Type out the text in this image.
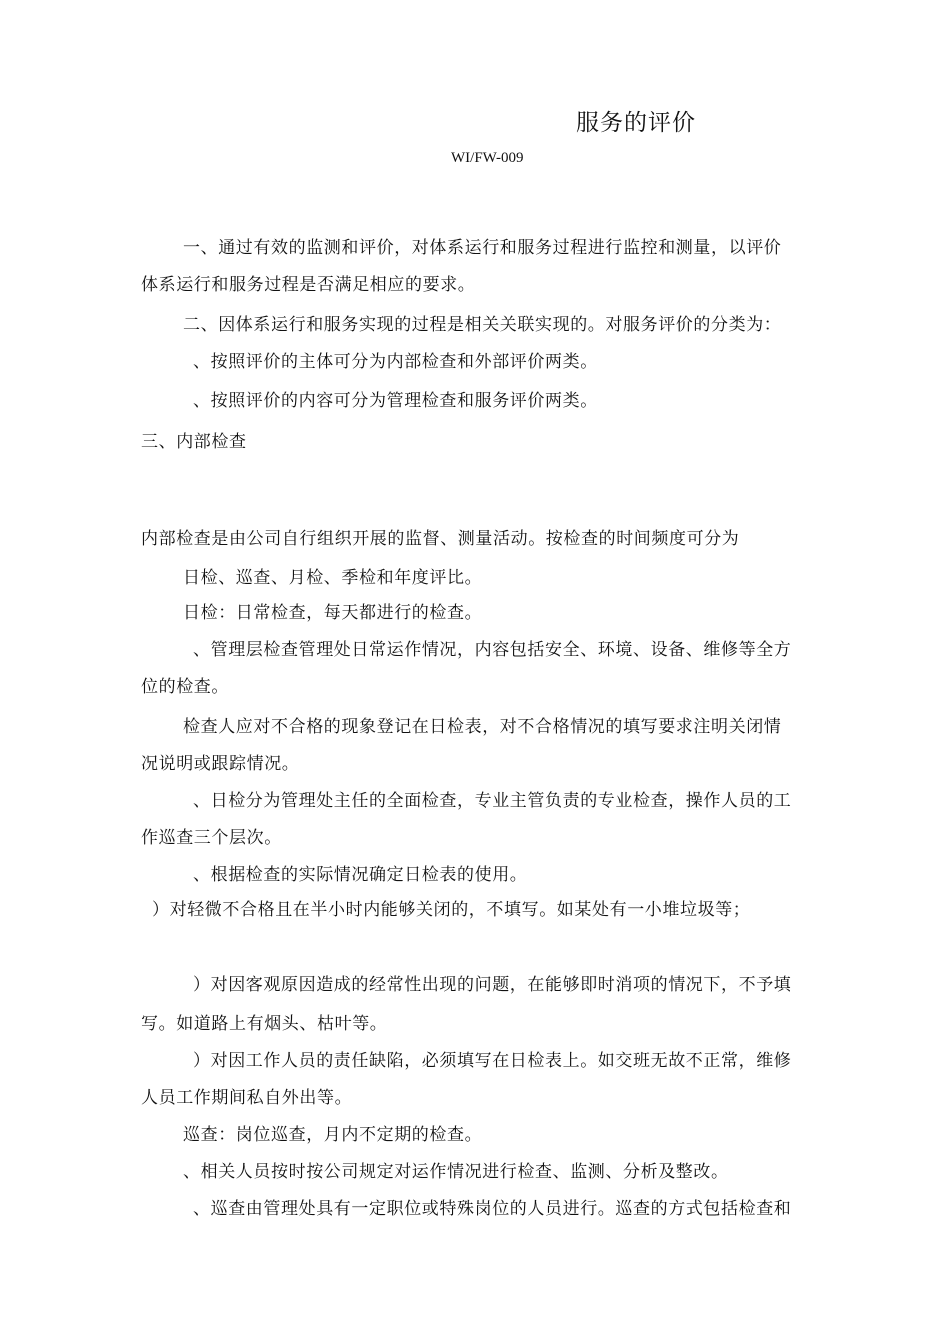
服务的评价
WI/FW-009
一、通过有效的监测和评价，对体系运行和服务过程进行监控和测量，以评价
体系运行和服务过程是否满足相应的要求。
二、因体系运行和服务实现的过程是相关关联实现的。对服务评价的分类为：
、按照评价的主体可分为内部检查和外部评价两类。
、按照评价的内容可分为管理检查和服务评价两类。
三、内部检查
内部检查是由公司自行组织开展的监督、测量活动。按检查的时间频度可分为
日检、巡查、月检、季检和年度评比。
日检：日常检查，每天都进行的检查。
、管理层检查管理处日常运作情况，内容包括安全、环境、设备、维修等全方
位的检查。
检查人应对不合格的现象登记在日检表，对不合格情况的填写要求注明关闭情
况说明或跟踪情况。
、日检分为管理处主任的全面检查，专业主管负责的专业检查，操作人员的工
作巡查三个层次。
、根据检查的实际情况确定日检表的使用。
）对轻微不合格且在半小时内能够关闭的，不填写。如某处有一小堆垃圾等；
）对因客观原因造成的经常性出现的问题，在能够即时消项的情况下，不予填
写。如道路上有烟头、枯叶等。
）对因工作人员的责任缺陷，必须填写在日检表上。如交班无故不正常，维修
人员工作期间私自外出等。
巡查：岗位巡查，月内不定期的检查。
、相关人员按时按公司规定对运作情况进行检查、监测、分析及整改。
、巡查由管理处具有一定职位或特殊岗位的人员进行。巡查的方式包括检查和
